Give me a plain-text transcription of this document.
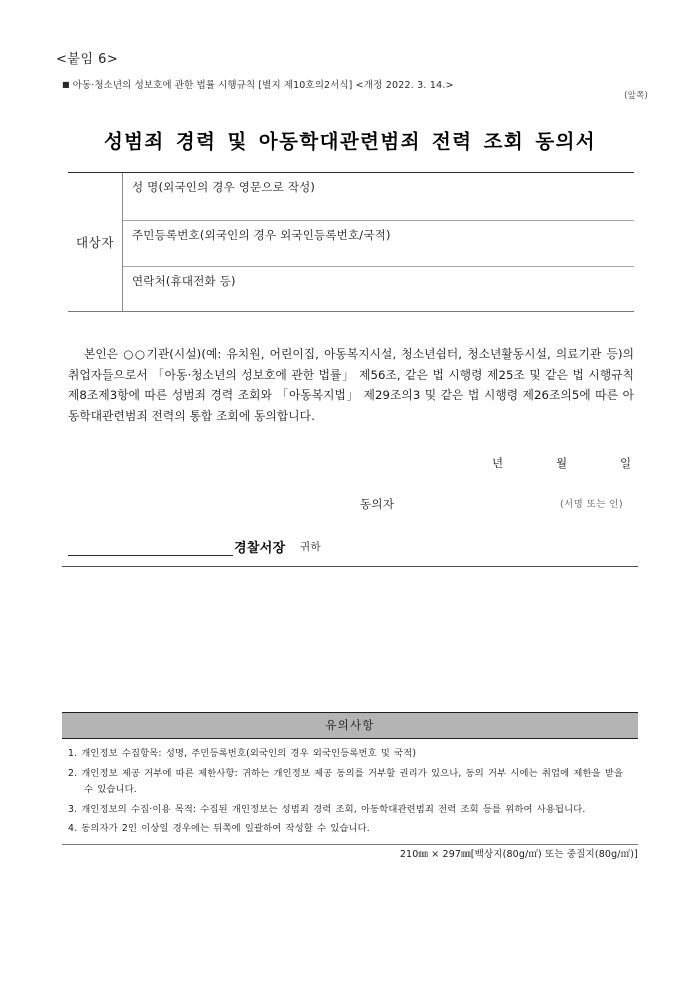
<붙임 6>
■ 아동·청소년의 성보호에 관한 법률 시행규칙 [별지 제10호의2서식] <개정 2022. 3. 14.>
(앞쪽)
성범죄 경력 및 아동학대관련범죄 전력 조회 동의서
대상자
성 명(외국인의 경우 영문으로 작성)
주민등록번호(외국인의 경우 외국인등록번호/국적)
연락처(휴대전화 등)
본인은 ○○기관(시설)(예: 유치원, 어린이집, 아동복지시설, 청소년쉼터, 청소년활동시설, 의료기관 등)의 취업자들으로서 「아동·청소년의 성보호에 관한 법률」 제56조, 같은 법 시행령 제25조 및 같은 법 시행규칙 제8조제3항에 따른 성범죄 경력 조회와 「아동복지법」 제29조의3 및 같은 법 시행령 제26조의5에 따른 아동학대관련범죄 전력의 통합 조회에 동의합니다.
년	월	일
동의자	(서명 또는 인)
경찰서장 귀하
유의사항
1. 개인정보 수집항목: 성명, 주민등록번호(외국인의 경우 외국인등록번호 및 국적)
2. 개인정보 제공 거부에 따른 제한사항: 귀하는 개인정보 제공 동의를 거부할 권리가 있으나, 동의 거부 시에는 취업에 제한을 받을 수 있습니다.
3. 개인정보의 수집·이용 목적: 수집된 개인정보는 성범죄 경력 조회, 아동학대관련범죄 전력 조회 등를 위하여 사용됩니다.
4. 동의자가 2인 이상일 경우에는 뒤쪽에 일괄하여 작성할 수 있습니다.
210㎜ × 297㎜[백상지(80g/㎡) 또는 중질지(80g/㎡)]
